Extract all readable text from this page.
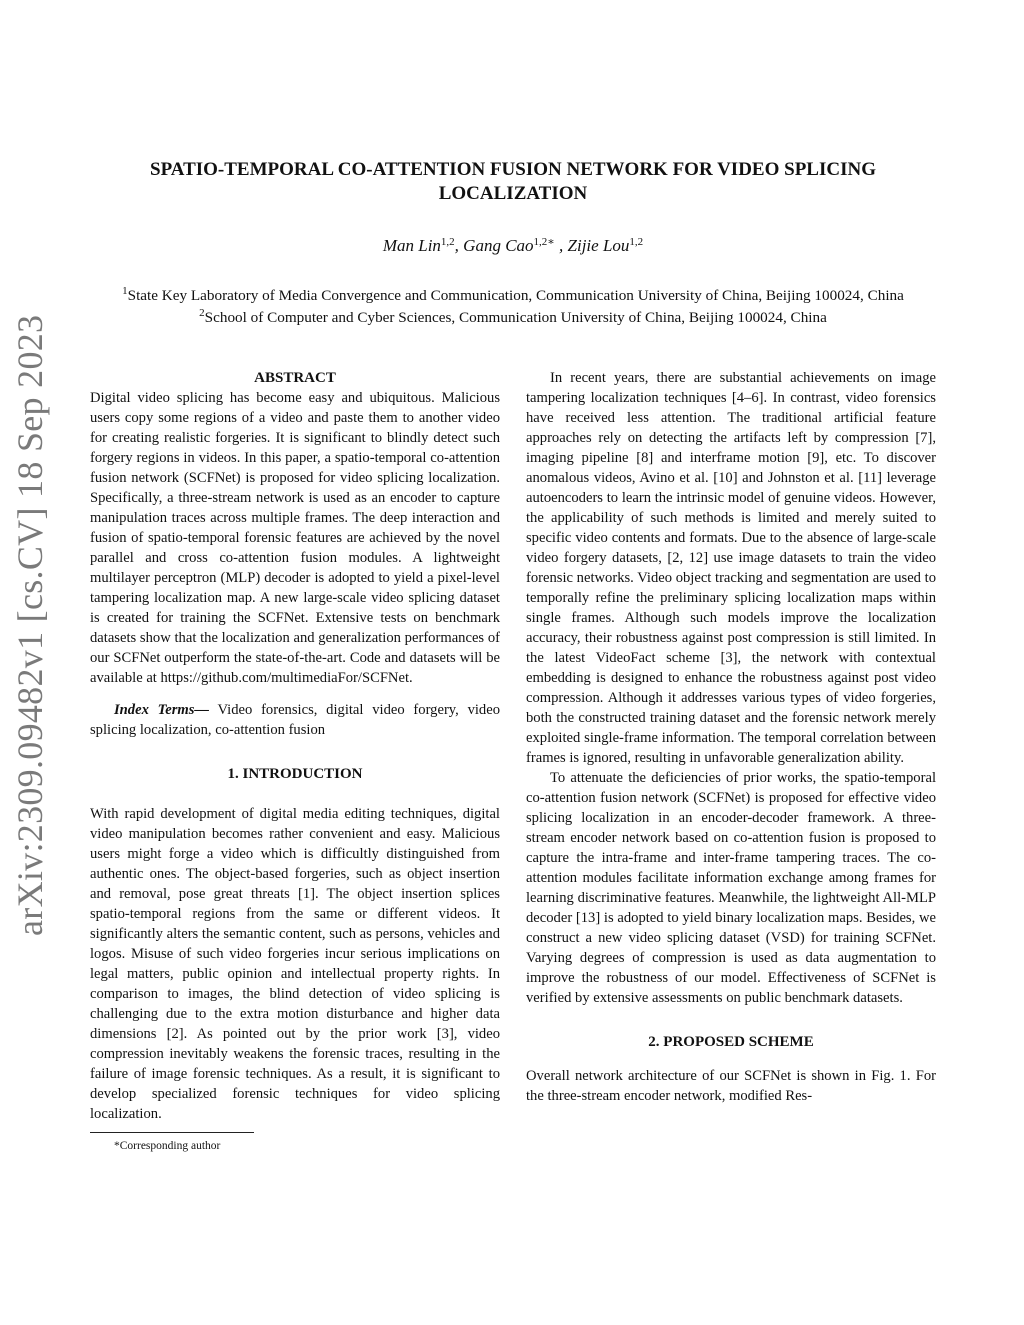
arXiv:2309.09482v1 [cs.CV] 18 Sep 2023
SPATIO-TEMPORAL CO-ATTENTION FUSION NETWORK FOR VIDEO SPLICING LOCALIZATION

Man Lin$^{1,2}$, Gang Cao$^{1,2∗}$ , Zijie Lou$^{1,2}$

$^1$State Key Laboratory of Media Convergence and Communication, Communication University of China, Beijing 100024, China

$^2$School of Computer and Cyber Sciences, Communication University of China, Beijing 100024, China

ABSTRACT

Digital video splicing has become easy and ubiquitous. Malicious users copy some regions of a video and paste them to another video for creating realistic forgeries. It is significant to blindly detect such forgery regions in videos. In this paper, a spatio-temporal co-attention fusion network (SCFNet) is proposed for video splicing localization. Specifically, a three-stream network is used as an encoder to capture manipulation traces across multiple frames. The deep interaction and fusion of spatio-temporal forensic features are achieved by the novel parallel and cross co-attention fusion modules. A lightweight multilayer perceptron (MLP) decoder is adopted to yield a pixel-level tampering localization map. A new large-scale video splicing dataset is created for training the SCFNet. Extensive tests on benchmark datasets show that the localization and generalization performances of our SCFNet outperform the state-of-the-art. Code and datasets will be available at https://github.com/multimediaFor/SCFNet.

Index Terms— Video forensics, digital video forgery, video splicing localization, co-attention fusion

1. INTRODUCTION

With rapid development of digital media editing techniques, digital video manipulation becomes rather convenient and easy. Malicious users might forge a video which is difficultly distinguished from authentic ones. The object-based forgeries, such as object insertion and removal, pose great threats [1]. The object insertion splices spatio-temporal regions from the same or different videos. It significantly alters the semantic content, such as persons, vehicles and logos. Misuse of such video forgeries incur serious implications on legal matters, public opinion and intellectual property rights. In comparison to images, the blind detection of video splicing is challenging due to the extra motion disturbance and higher data dimensions [2]. As pointed out by the prior work [3], video compression inevitably weakens the forensic traces, resulting in the failure of image forensic techniques. As a result, it is significant to develop specialized forensic techniques for video splicing localization.

*Corresponding author

In recent years, there are substantial achievements on image tampering localization techniques [4–6]. In contrast, video forensics have received less attention. The traditional artificial feature approaches rely on detecting the artifacts left by compression [7], imaging pipeline [8] and interframe motion [9], etc. To discover anomalous videos, Avino et al. [10] and Johnston et al. [11] leverage autoencoders to learn the intrinsic model of genuine videos. However, the applicability of such methods is limited and merely suited to specific video contents and formats. Due to the absence of large-scale video forgery datasets, [2, 12] use image datasets to train the video forensic networks. Video object tracking and segmentation are used to temporally refine the preliminary splicing localization maps within single frames. Although such models improve the localization accuracy, their robustness against post compression is still limited. In the latest VideoFact scheme [3], the network with contextual embedding is designed to enhance the robustness against post video compression. Although it addresses various types of video forgeries, both the constructed training dataset and the forensic network merely exploited single-frame information. The temporal correlation between frames is ignored, resulting in unfavorable generalization ability.

To attenuate the deficiencies of prior works, the spatio-temporal co-attention fusion network (SCFNet) is proposed for effective video splicing localization in an encoder-decoder framework. A three-stream encoder network based on co-attention fusion is proposed to capture the intra-frame and inter-frame tampering traces. The co-attention modules facilitate information exchange among frames for learning discriminative features. Meanwhile, the lightweight All-MLP decoder [13] is adopted to yield binary localization maps. Besides, we construct a new video splicing dataset (VSD) for training SCFNet. Varying degrees of compression is used as data augmentation to improve the robustness of our model. Effectiveness of SCFNet is verified by extensive assessments on public benchmark datasets.

2. PROPOSED SCHEME

Overall network architecture of our SCFNet is shown in Fig. 1. For the three-stream encoder network, modified Res-
